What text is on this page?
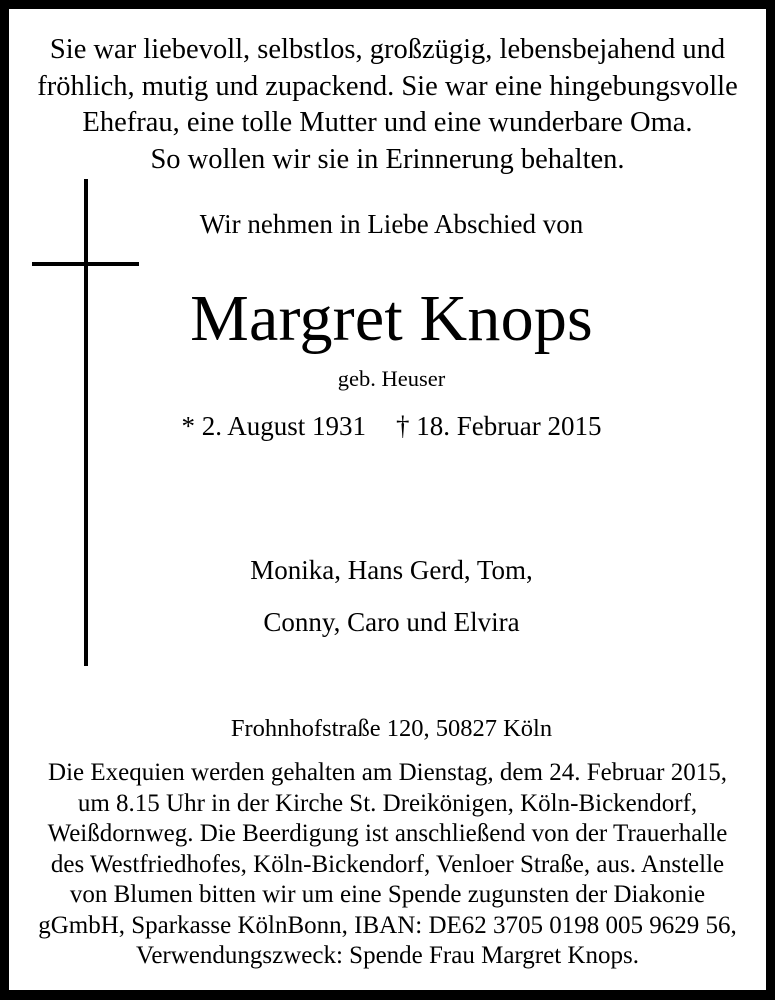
Sie war liebevoll, selbstlos, großzügig, lebensbejahend und
fröhlich, mutig und zupackend. Sie war eine hingebungsvolle
Ehefrau, eine tolle Mutter und eine wunderbare Oma.
So wollen wir sie in Erinnerung behalten.
Wir nehmen in Liebe Abschied von
Margret Knops
geb. Heuser
* 2. August 1931 † 18. Februar 2015
Monika, Hans Gerd, Tom,
Conny, Caro und Elvira
Frohnhofstraße 120, 50827 Köln
Die Exequien werden gehalten am Dienstag, dem 24. Februar 2015,
um 8.15 Uhr in der Kirche St. Dreikönigen, Köln-Bickendorf,
Weißdornweg. Die Beerdigung ist anschließend von der Trauerhalle
des Westfriedhofes, Köln-Bickendorf, Venloer Straße, aus. Anstelle
von Blumen bitten wir um eine Spende zugunsten der Diakonie
gGmbH, Sparkasse KölnBonn, IBAN: DE62 3705 0198 005 9629 56,
Verwendungszweck: Spende Frau Margret Knops.
